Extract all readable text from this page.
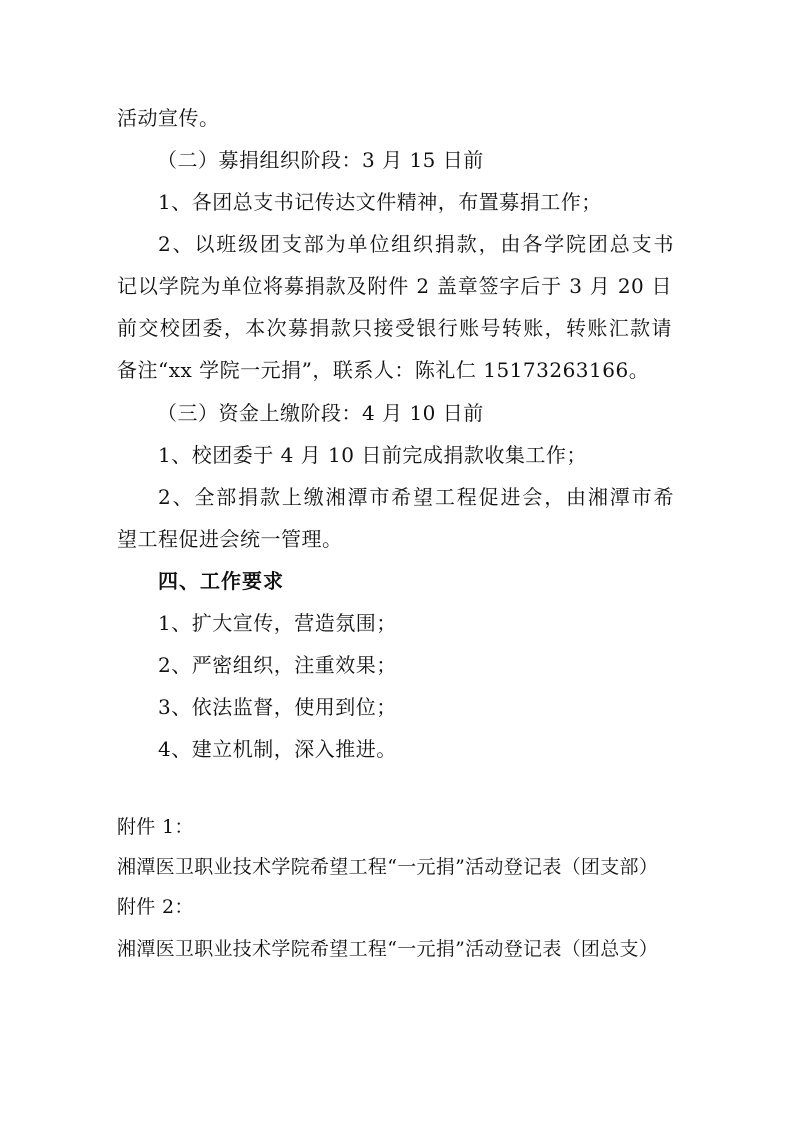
活动宣传。
（二）募捐组织阶段：3 月 15 日前
1、各团总支书记传达文件精神，布置募捐工作；
2、以班级团支部为单位组织捐款，由各学院团总支书
记以学院为单位将募捐款及附件 2 盖章签字后于 3 月 20 日
前交校团委，本次募捐款只接受银行账号转账，转账汇款请
备注“xx 学院一元捐”，联系人：陈礼仁 15173263166。
（三）资金上缴阶段：4 月 10 日前
1、校团委于 4 月 10 日前完成捐款收集工作；
2、全部捐款上缴湘潭市希望工程促进会，由湘潭市希
望工程促进会统一管理。
四、工作要求
1、扩大宣传，营造氛围；
2、严密组织，注重效果；
3、依法监督，使用到位；
4、建立机制，深入推进。
附件 1：
湘潭医卫职业技术学院希望工程“一元捐”活动登记表（团支部）
附件 2：
湘潭医卫职业技术学院希望工程“一元捐”活动登记表（团总支）
